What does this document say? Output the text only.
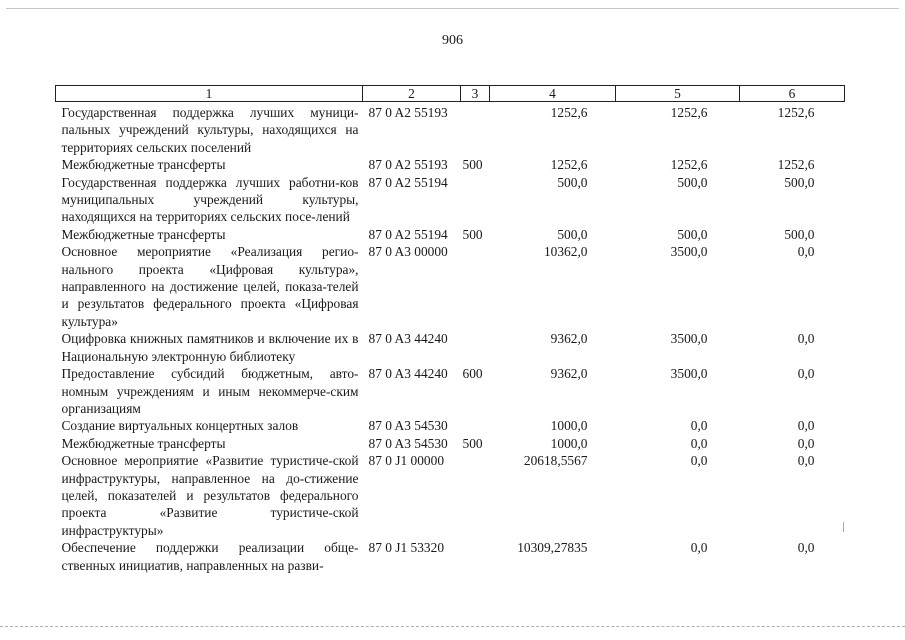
906
1	2	3	4	5	6
Государственная поддержка лучших муници-пальных учреждений культуры, находящихся на территориях сельских поселений	87 0 A2 55193		1252,6	1252,6	1252,6
Межбюджетные трансферты	87 0 A2 55193	500	1252,6	1252,6	1252,6
Государственная поддержка лучших работни-ков муниципальных учреждений культуры, находящихся на территориях сельских посе-лений	87 0 A2 55194		500,0	500,0	500,0
Межбюджетные трансферты	87 0 A2 55194	500	500,0	500,0	500,0
Основное мероприятие «Реализация регио-нального проекта «Цифровая культура», направленного на достижение целей, показа-телей и результатов федерального проекта «Цифровая культура»	87 0 A3 00000		10362,0	3500,0	0,0
Оцифровка книжных памятников и включение их в Национальную электронную библиотеку	87 0 A3 44240		9362,0	3500,0	0,0
Предоставление субсидий бюджетным, авто-номным учреждениям и иным некоммерче-ским организациям	87 0 A3 44240	600	9362,0	3500,0	0,0
Создание виртуальных концертных залов	87 0 A3 54530		1000,0	0,0	0,0
Межбюджетные трансферты	87 0 A3 54530	500	1000,0	0,0	0,0
Основное мероприятие «Развитие туристиче-ской инфраструктуры, направленное на до-стижение целей, показателей и результатов федерального проекта «Развитие туристиче-ской инфраструктуры»	87 0 J1 00000		20618,5567	0,0	0,0
Обеспечение поддержки реализации обще-ственных инициатив, направленных на разви-	87 0 J1 53320		10309,27835	0,0	0,0
